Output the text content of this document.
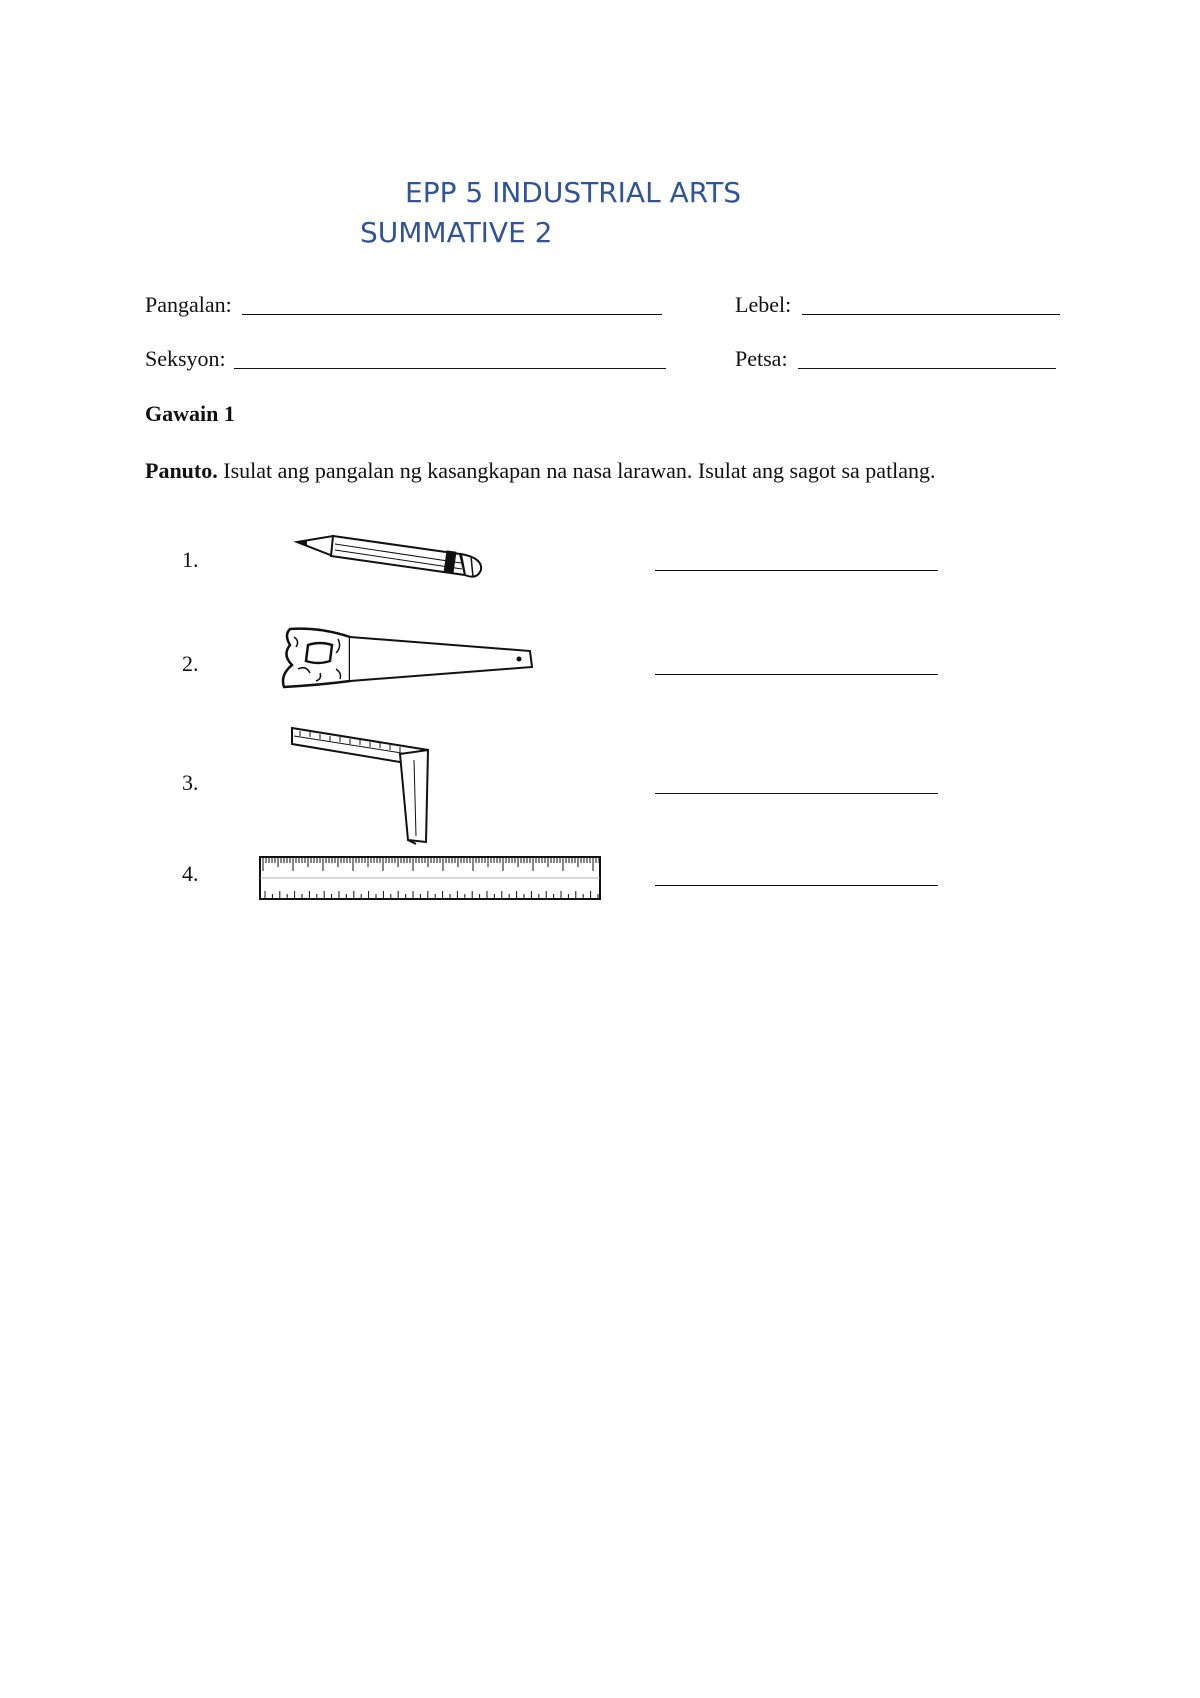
EPP 5 INDUSTRIAL ARTS
SUMMATIVE 2
Pangalan:	Lebel:
Seksyon:	Petsa:
Gawain 1
Panuto. Isulat ang pangalan ng kasangkapan na nasa larawan. Isulat ang sagot sa patlang.
1.
2.
3.
4.
